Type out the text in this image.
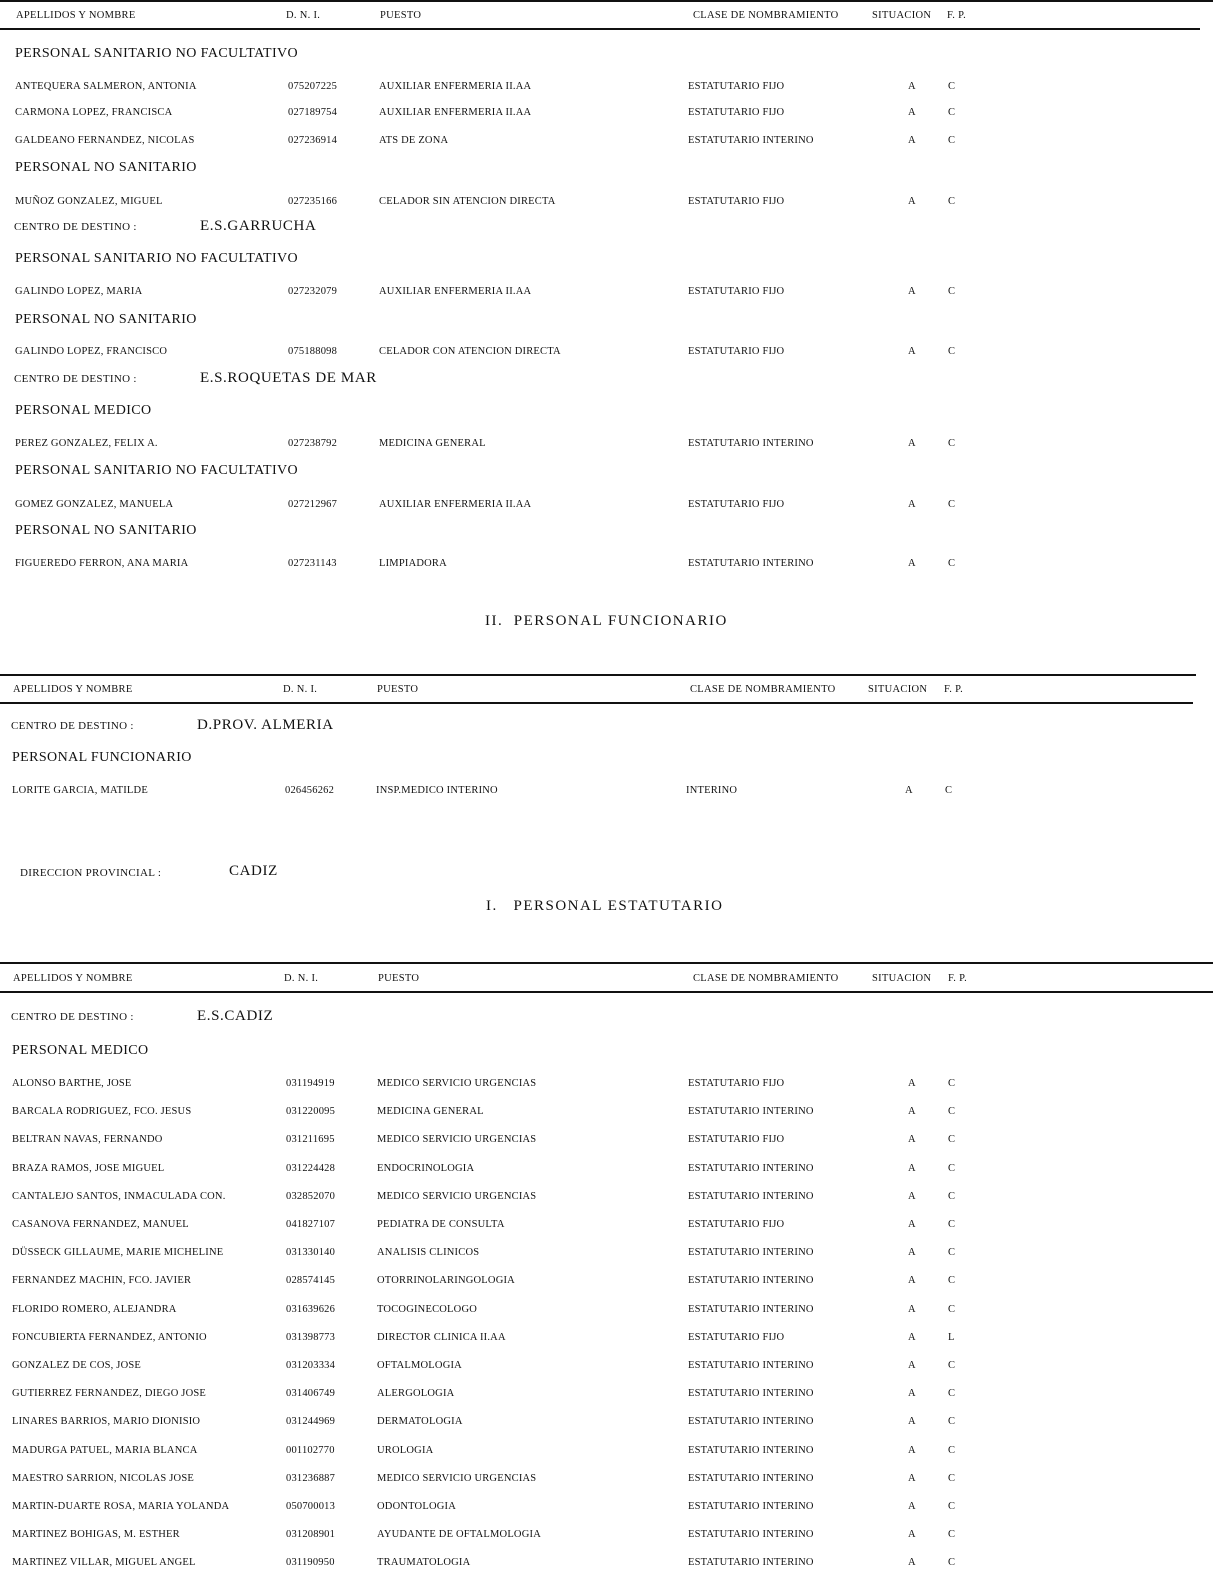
APELLIDOS Y NOMBRE	D. N. I.	PUESTO	CLASE DE NOMBRAMIENTO	SITUACION F. P.
PERSONAL SANITARIO NO FACULTATIVO
ANTEQUERA SALMERON, ANTONIA	075207225	AUXILIAR ENFERMERIA II.AA	ESTATUTARIO FIJO	A	C
CARMONA LOPEZ, FRANCISCA	027189754	AUXILIAR ENFERMERIA II.AA	ESTATUTARIO FIJO	A	C
GALDEANO FERNANDEZ, NICOLAS	027236914	ATS DE ZONA	ESTATUTARIO INTERINO	A	C
PERSONAL NO SANITARIO
MUÑOZ GONZALEZ, MIGUEL	027235166	CELADOR SIN ATENCION DIRECTA	ESTATUTARIO FIJO	A	C
CENTRO DE DESTINO :	E.S.GARRUCHA
PERSONAL SANITARIO NO FACULTATIVO
GALINDO LOPEZ, MARIA	027232079	AUXILIAR ENFERMERIA II.AA	ESTATUTARIO FIJO	A	C
PERSONAL NO SANITARIO
GALINDO LOPEZ, FRANCISCO	075188098	CELADOR CON ATENCION DIRECTA	ESTATUTARIO FIJO	A	C
CENTRO DE DESTINO :	E.S.ROQUETAS DE MAR
PERSONAL MEDICO
PEREZ GONZALEZ, FELIX A.	027238792	MEDICINA GENERAL	ESTATUTARIO INTERINO	A	C
PERSONAL SANITARIO NO FACULTATIVO
GOMEZ GONZALEZ, MANUELA	027212967	AUXILIAR ENFERMERIA II.AA	ESTATUTARIO FIJO	A	C
PERSONAL NO SANITARIO
FIGUEREDO FERRON, ANA MARIA	027231143	LIMPIADORA	ESTATUTARIO INTERINO	A	C
II.  PERSONAL FUNCIONARIO
APELLIDOS Y NOMBRE	D. N. I.	PUESTO	CLASE DE NOMBRAMIENTO	SITUACION F. P.
CENTRO DE DESTINO :	D.PROV. ALMERIA
PERSONAL FUNCIONARIO
LORITE GARCIA, MATILDE	026456262	INSP.MEDICO INTERINO	INTERINO	A	C
DIRECCION PROVINCIAL :	CADIZ
I.   PERSONAL ESTATUTARIO
APELLIDOS Y NOMBRE	D. N. I.	PUESTO	CLASE DE NOMBRAMIENTO	SITUACION F. P.
CENTRO DE DESTINO :	E.S.CADIZ
PERSONAL MEDICO
ALONSO BARTHE, JOSE	031194919	MEDICO SERVICIO URGENCIAS	ESTATUTARIO FIJO	A	C
BARCALA RODRIGUEZ, FCO. JESUS	031220095	MEDICINA GENERAL	ESTATUTARIO INTERINO	A	C
BELTRAN NAVAS, FERNANDO	031211695	MEDICO SERVICIO URGENCIAS	ESTATUTARIO FIJO	A	C
BRAZA RAMOS, JOSE MIGUEL	031224428	ENDOCRINOLOGIA	ESTATUTARIO INTERINO	A	C
CANTALEJO SANTOS, INMACULADA CON.	032852070	MEDICO SERVICIO URGENCIAS	ESTATUTARIO INTERINO	A	C
CASANOVA FERNANDEZ, MANUEL	041827107	PEDIATRA DE CONSULTA	ESTATUTARIO FIJO	A	C
DÜSSECK GILLAUME, MARIE MICHELINE	031330140	ANALISIS CLINICOS	ESTATUTARIO INTERINO	A	C
FERNANDEZ MACHIN, FCO. JAVIER	028574145	OTORRINOLARINGOLOGIA	ESTATUTARIO INTERINO	A	C
FLORIDO ROMERO, ALEJANDRA	031639626	TOCOGINECOLOGO	ESTATUTARIO INTERINO	A	C
FONCUBIERTA FERNANDEZ, ANTONIO	031398773	DIRECTOR CLINICA II.AA	ESTATUTARIO FIJO	A	L
GONZALEZ DE COS, JOSE	031203334	OFTALMOLOGIA	ESTATUTARIO INTERINO	A	C
GUTIERREZ FERNANDEZ, DIEGO JOSE	031406749	ALERGOLOGIA	ESTATUTARIO INTERINO	A	C
LINARES BARRIOS, MARIO DIONISIO	031244969	DERMATOLOGIA	ESTATUTARIO INTERINO	A	C
MADURGA PATUEL, MARIA BLANCA	001102770	UROLOGIA	ESTATUTARIO INTERINO	A	C
MAESTRO SARRION, NICOLAS JOSE	031236887	MEDICO SERVICIO URGENCIAS	ESTATUTARIO INTERINO	A	C
MARTIN-DUARTE ROSA, MARIA YOLANDA	050700013	ODONTOLOGIA	ESTATUTARIO INTERINO	A	C
MARTINEZ BOHIGAS, M. ESTHER	031208901	AYUDANTE DE OFTALMOLOGIA	ESTATUTARIO INTERINO	A	C
MARTINEZ VILLAR, MIGUEL ANGEL	031190950	TRAUMATOLOGIA	ESTATUTARIO INTERINO	A	C
